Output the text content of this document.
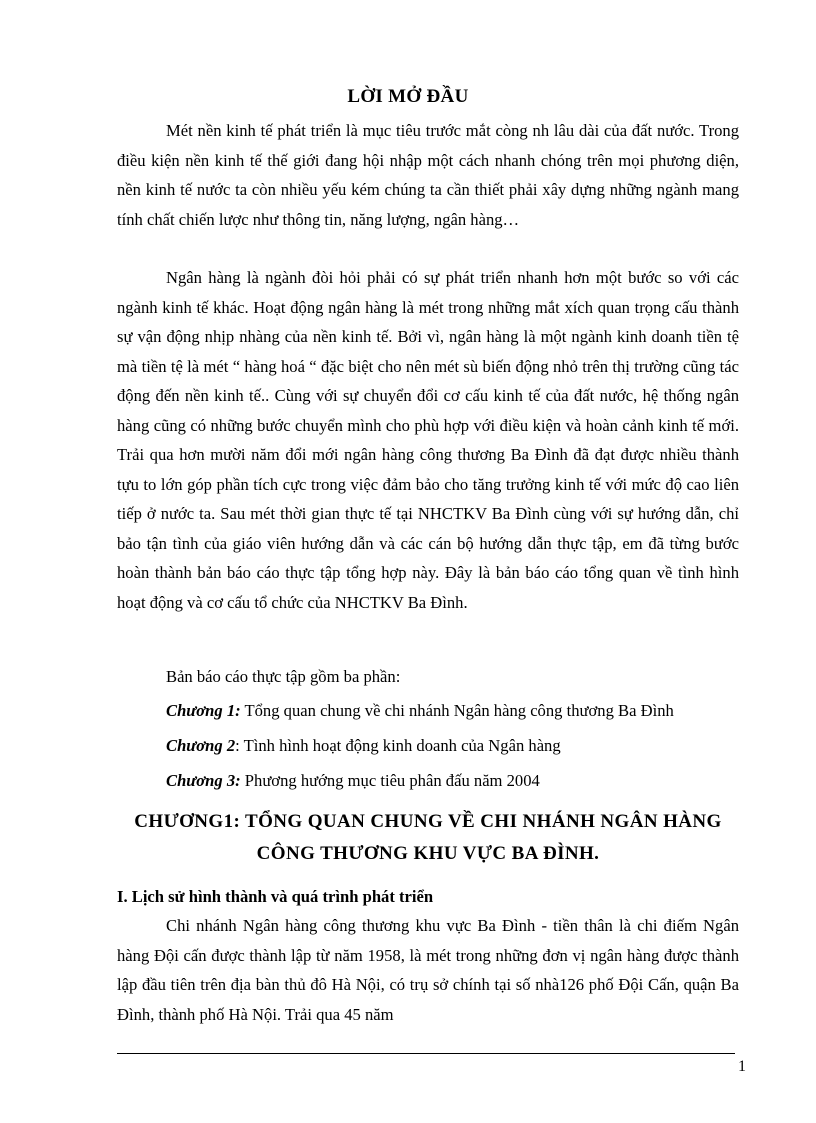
LỜI MỞ ĐẦU

Mét nền kinh tế phát triển là mục tiêu trước mắt còng nh lâu dài của đất nước. Trong điều kiện nền kinh tế thế giới đang hội nhập một cách nhanh chóng trên mọi phương diện, nền kinh tế nước ta còn nhiều yếu kém chúng ta cần thiết phải xây dựng những ngành mang tính chất chiến lược như thông tin, năng lượng, ngân hàng…

Ngân hàng là ngành đòi hỏi phải có sự phát triển nhanh hơn một bước so với các ngành kinh tế khác. Hoạt động ngân hàng là mét trong những mắt xích quan trọng cấu thành sự vận động nhịp nhàng của nền kinh tế. Bởi vì, ngân hàng là một ngành kinh doanh tiền tệ mà tiền tệ là mét “ hàng hoá “ đặc biệt cho nên mét sù biến động nhỏ trên thị trường cũng tác động đến nền kinh tế.. Cùng với sự chuyển đổi cơ cấu kinh tế của đất nước, hệ thống ngân hàng cũng có những bước chuyển mình cho phù hợp với điều kiện và hoàn cảnh kinh tế mới. Trải qua hơn mười năm đổi mới ngân hàng công thương Ba Đình đã đạt được nhiều thành tựu to lớn góp phần tích cực trong việc đảm bảo cho tăng trưởng kinh tế với mức độ cao liên tiếp ở nước ta. Sau mét thời gian thực tế tại NHCTKV Ba Đình cùng với sự hướng dẫn, chỉ bảo tận tình của giáo viên hướng dẫn và các cán bộ hướng dẫn thực tập, em đã từng bước hoàn thành bản báo cáo thực tập tổng hợp này. Đây là bản báo cáo tổng quan về tình hình hoạt động và cơ cấu tổ chức của NHCTKV Ba Đình.

Bản báo cáo thực tập gồm ba phần:
Chương 1: Tổng quan chung về chi nhánh Ngân hàng công thương Ba Đình
Chương 2: Tình hình hoạt động kinh doanh của Ngân hàng
Chương 3: Phương hướng mục tiêu phân đấu năm 2004
CHƯƠNG1: TỔNG QUAN CHUNG VỀ CHI NHÁNH NGÂN HÀNG CÔNG THƯƠNG KHU VỰC BA ĐÌNH.
I. Lịch sử hình thành và quá trình phát triển

Chi nhánh Ngân hàng công thương khu vực Ba Đình - tiền thân là chi điếm Ngân hàng Đội cấn được thành lập từ năm 1958, là mét trong những đơn vị ngân hàng được thành lập đầu tiên trên địa bàn thủ đô Hà Nội, có trụ sở chính tại số nhà126 phố Đội Cấn, quận Ba Đình, thành phố Hà Nội. Trải qua 45 năm

1
